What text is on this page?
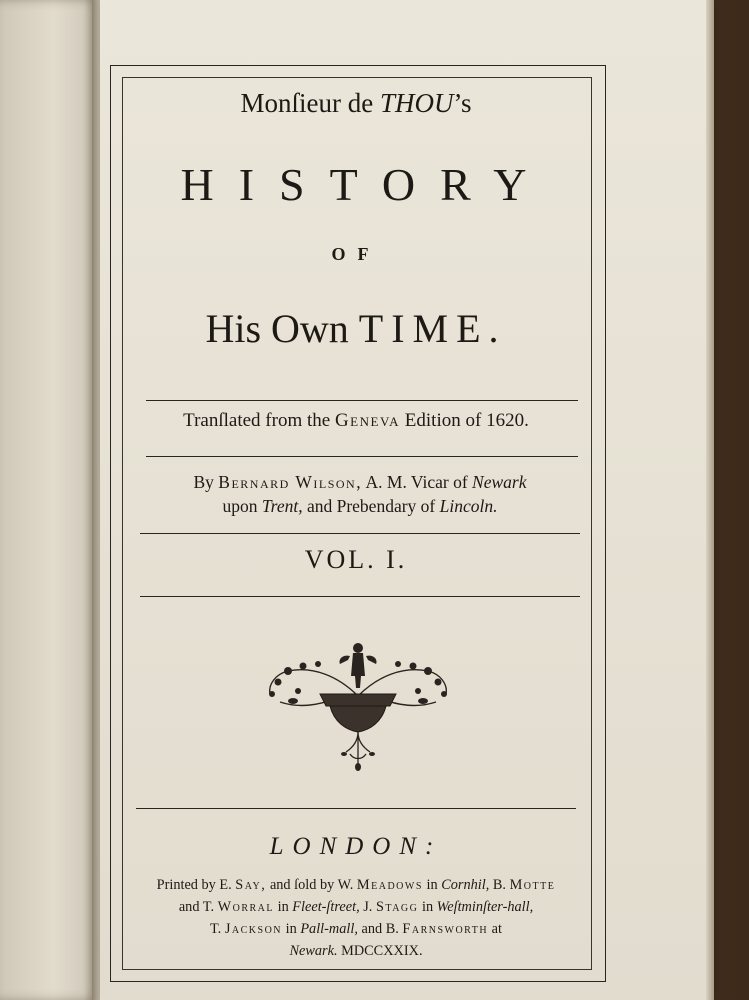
Monſieur de THOU’s
HISTORY
OF
His Own TIME.
Tranſlated from the Geneva Edition of 1620.
By Bernard Wilson, A. M. Vicar of Newark
upon Trent, and Prebendary of Lincoln.
VOL. I.
LONDON:
Printed by E. Say, and ſold by W. Meadows in Cornhil, B. Motte
and T. Worral in Fleet-ſtreet, J. Stagg in Weſtminſter-hall,
T. Jackson in Pall-mall, and B. Farnsworth at
Newark. MDCCXXIX.
